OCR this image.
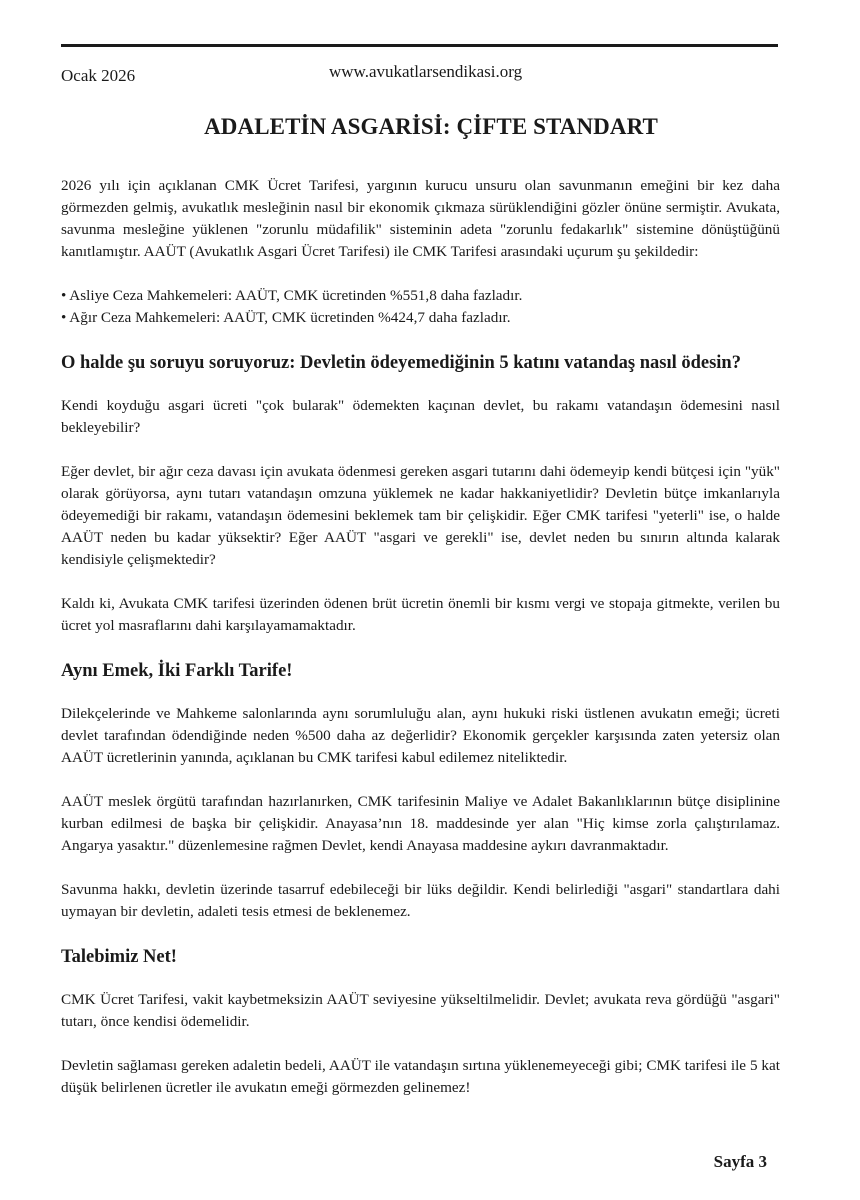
Ocak 2026	www.avukatlarsendikasi.org
ADALETİN ASGARİSİ: ÇİFTE STANDART

2026 yılı için açıklanan CMK Ücret Tarifesi, yargının kurucu unsuru olan savunmanın emeğini bir kez daha görmezden gelmiş, avukatlık mesleğinin nasıl bir ekonomik çıkmaza sürüklendiğini gözler önüne sermiştir. Avukata, savunma mesleğine yüklenen "zorunlu müdafilik" sisteminin adeta "zorunlu fedakarlık" sistemine dönüştüğünü kanıtlamıştır. AAÜT (Avukatlık Asgari Ücret Tarifesi) ile CMK Tarifesi arasındaki uçurum şu şekildedir:

• Asliye Ceza Mahkemeleri: AAÜT, CMK ücretinden %551,8 daha fazladır.
• Ağır Ceza Mahkemeleri: AAÜT, CMK ücretinden %424,7 daha fazladır.
O halde şu soruyu soruyoruz: Devletin ödeyemediğinin 5 katını vatandaş nasıl ödesin?

Kendi koyduğu asgari ücreti "çok bularak" ödemekten kaçınan devlet, bu rakamı vatandaşın ödemesini nasıl bekleyebilir?

Eğer devlet, bir ağır ceza davası için avukata ödenmesi gereken asgari tutarını dahi ödemeyip kendi bütçesi için "yük" olarak görüyorsa, aynı tutarı vatandaşın omzuna yüklemek ne kadar hakkaniyetlidir? Devletin bütçe imkanlarıyla ödeyemediği bir rakamı, vatandaşın ödemesini beklemek tam bir çelişkidir. Eğer CMK tarifesi "yeterli" ise, o halde AAÜT neden bu kadar yüksektir? Eğer AAÜT "asgari ve gerekli" ise, devlet neden bu sınırın altında kalarak kendisiyle çelişmektedir?

Kaldı ki, Avukata CMK tarifesi üzerinden ödenen brüt ücretin önemli bir kısmı vergi ve stopaja gitmekte, verilen bu ücret yol masraflarını dahi karşılayamamaktadır.

Aynı Emek, İki Farklı Tarife!

Dilekçelerinde ve Mahkeme salonlarında aynı sorumluluğu alan, aynı hukuki riski üstlenen avukatın emeği; ücreti devlet tarafından ödendiğinde neden %500 daha az değerlidir? Ekonomik gerçekler karşısında zaten yetersiz olan AAÜT ücretlerinin yanında, açıklanan bu CMK tarifesi kabul edilemez niteliktedir.

AAÜT meslek örgütü tarafından hazırlanırken, CMK tarifesinin Maliye ve Adalet Bakanlıklarının bütçe disiplinine kurban edilmesi de başka bir çelişkidir. Anayasa’nın 18. maddesinde yer alan "Hiç kimse zorla çalıştırılamaz. Angarya yasaktır." düzenlemesine rağmen Devlet, kendi Anayasa maddesine aykırı davranmaktadır.

Savunma hakkı, devletin üzerinde tasarruf edebileceği bir lüks değildir. Kendi belirlediği "asgari" standartlara dahi uymayan bir devletin, adaleti tesis etmesi de beklenemez.

Talebimiz Net!

CMK Ücret Tarifesi, vakit kaybetmeksizin AAÜT seviyesine yükseltilmelidir. Devlet; avukata reva gördüğü "asgari" tutarı, önce kendisi ödemelidir.

Devletin sağlaması gereken adaletin bedeli, AAÜT ile vatandaşın sırtına yüklenemeyeceği gibi; CMK tarifesi ile 5 kat düşük belirlenen ücretler ile avukatın emeği görmezden gelinemez!

Sayfa 3
